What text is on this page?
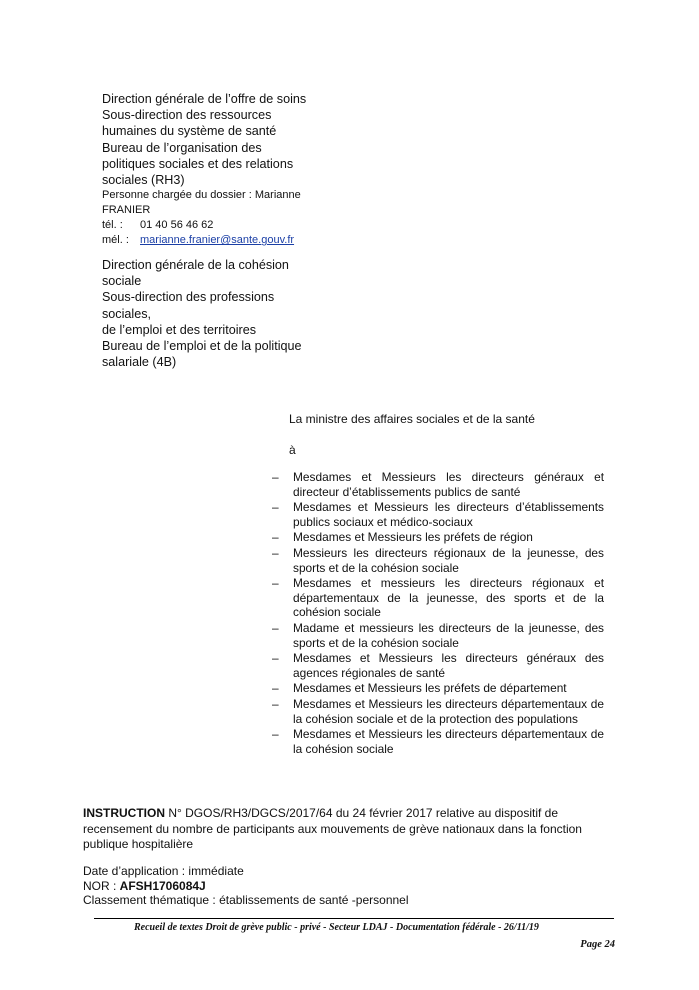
Direction générale de l’offre de soins
Sous-direction des ressources
humaines du système de santé
Bureau de l’organisation des
politiques sociales et des relations
sociales (RH3)
Personne chargée du dossier : Marianne
FRANIER
tél. :	01 40 56 46 62
mél. :	marianne.franier@sante.gouv.fr
Direction générale de la cohésion
sociale
Sous-direction des professions
sociales,
de l’emploi et des territoires
Bureau de l’emploi et de la politique
salariale (4B)
La ministre des affaires sociales et de la santé
à
– Mesdames et Messieurs les directeurs généraux et directeur d’établissements publics de santé
– Mesdames et Messieurs les directeurs d’établissements publics sociaux et médico-sociaux
– Mesdames et Messieurs les préfets de région
– Messieurs les directeurs régionaux de la jeunesse, des sports et de la cohésion sociale
– Mesdames et messieurs les directeurs régionaux et départementaux de la jeunesse, des sports et de la cohésion sociale
– Madame et messieurs les directeurs de la jeunesse, des sports et de la cohésion sociale
– Mesdames et Messieurs les directeurs généraux des agences régionales de santé
– Mesdames et Messieurs les préfets de département
– Mesdames et Messieurs les directeurs départementaux de la cohésion sociale et de la protection des populations
– Mesdames et Messieurs les directeurs départementaux de la cohésion sociale
INSTRUCTION N° DGOS/RH3/DGCS/2017/64 du 24 février 2017 relative au dispositif de recensement du nombre de participants aux mouvements de grève nationaux dans la fonction publique hospitalière
Date d’application : immédiate
NOR : AFSH1706084J
Classement thématique : établissements de santé -personnel
Recueil de textes Droit de grève public - privé - Secteur LDAJ - Documentation fédérale - 26/11/19
Page 24
